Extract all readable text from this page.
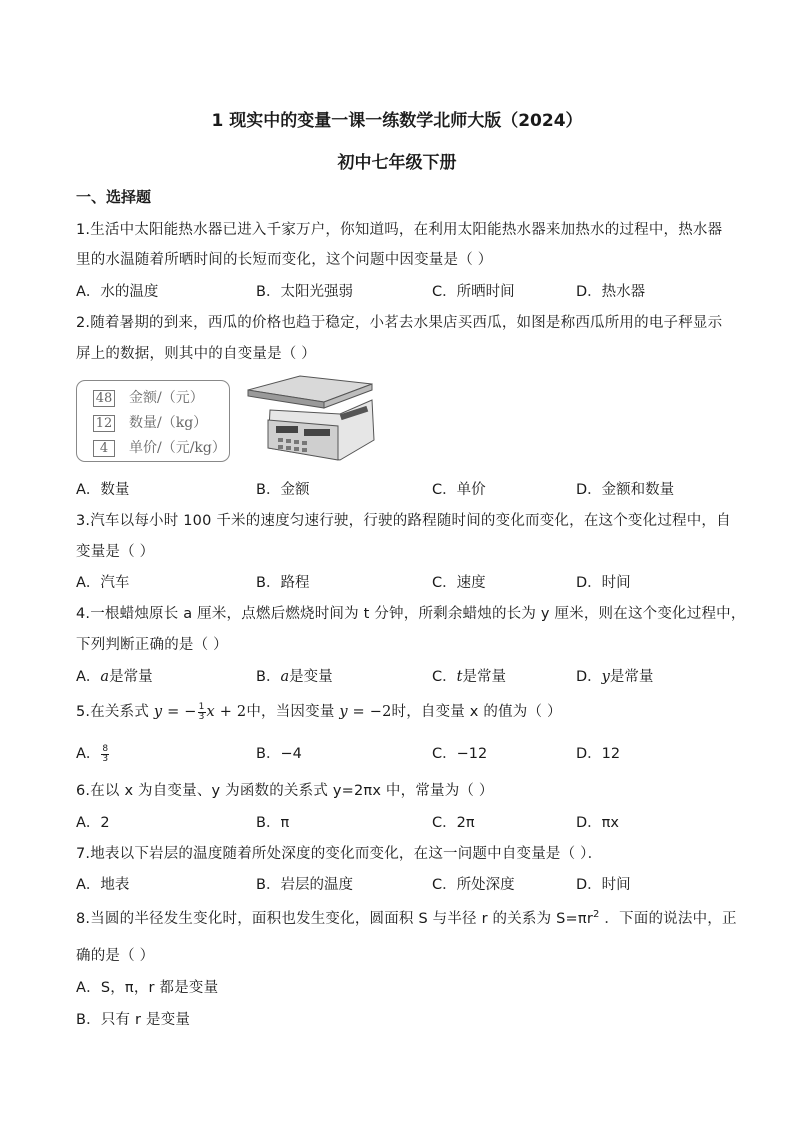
1 现实中的变量一课一练数学北师大版（2024）
初中七年级下册
一、选择题
1.生活中太阳能热水器已进入千家万户，你知道吗，在利用太阳能热水器来加热水的过程中，热水器
里的水温随着所晒时间的长短而变化，这个问题中因变量是（ ）
A．水的温度	B．太阳光强弱	C．所晒时间	D．热水器
2.随着暑期的到来，西瓜的价格也趋于稳定，小茗去水果店买西瓜，如图是称西瓜所用的电子秤显示
屏上的数据，则其中的自变量是（ ）
48 金额/（元）
12 数量/（kg）
4 单价/（元/kg）
A．数量	B．金额	C．单价	D．金额和数量
3.汽车以每小时 100 千米的速度匀速行驶，行驶的路程随时间的变化而变化，在这个变化过程中，自
变量是（ ）
A．汽车	B．路程	C．速度	D．时间
4.一根蜡烛原长 a 厘米，点燃后燃烧时间为 t 分钟，所剩余蜡烛的长为 y 厘米，则在这个变化过程中，
下列判断正确的是（ ）
A．a是常量	B．a是变量	C．t是常量	D．y是常量
5.在关系式 y = − $\frac{1}{3}$ x + 2中，当因变量 y = −2时，自变量 x 的值为（ ）
A． $\frac{8}{3}$	B．−4	C．−12	D．12
6.在以 x 为自变量、y 为函数的关系式 y=2πx 中，常量为（ ）
A．2	B．π	C．2π	D．πx
7.地表以下岩层的温度随着所处深度的变化而变化，在这一问题中自变量是（ ）．
A．地表	B．岩层的温度	C．所处深度	D．时间
8.当圆的半径发生变化时，面积也发生变化，圆面积 S 与半径 r 的关系为 $S=\pi r^2$ ．下面的说法中，正
确的是（ ）
A．S，π，r 都是变量
B．只有 r 是变量
